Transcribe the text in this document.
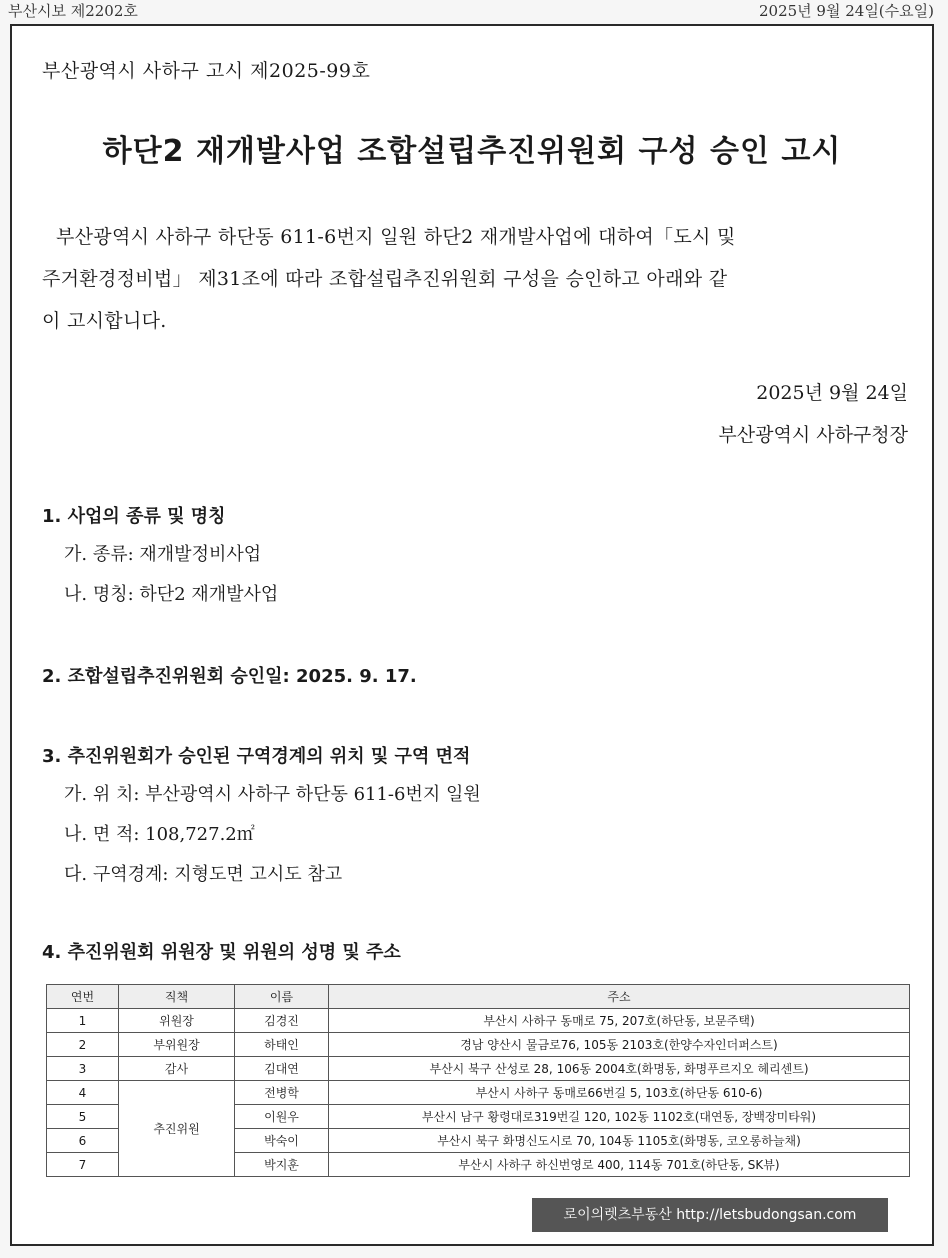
부산시보 제2202호	2025년 9월 24일(수요일)
부산광역시 사하구 고시 제2025-99호
하단2 재개발사업 조합설립추진위원회 구성 승인 고시
부산광역시 사하구 하단동 611-6번지 일원 하단2 재개발사업에 대하여「도시 및
주거환경정비법」 제31조에 따라 조합설립추진위원회 구성을 승인하고 아래와 같
이 고시합니다.
2025년 9월 24일
부산광역시 사하구청장
1. 사업의 종류 및 명칭
가. 종류: 재개발정비사업
나. 명칭: 하단2 재개발사업
2. 조합설립추진위원회 승인일: 2025. 9. 17.
3. 추진위원회가 승인된 구역경계의 위치 및 구역 면적
가. 위 치: 부산광역시 사하구 하단동 611-6번지 일원
나. 면 적: 108,727.2㎡
다. 구역경계: 지형도면 고시도 참고
4. 추진위원회 위원장 및 위원의 성명 및 주소
연번	직책	이름	주소
1	위원장	김경진	부산시 사하구 동매로 75, 207호(하단동, 보문주택)
2	부위원장	하태인	경남 양산시 물금로76, 105동 2103호(한양수자인더퍼스트)
3	감사	김대연	부산시 북구 산성로 28, 106동 2004호(화명동, 화명푸르지오 헤리센트)
4	추진위원	전병학	부산시 사하구 동매로66번길 5, 103호(하단동 610-6)
5		이원우	부산시 남구 황령대로319번길 120, 102동 1102호(대연동, 장백장미타워)
6		박숙이	부산시 북구 화명신도시로 70, 104동 1105호(화명동, 코오롱하늘채)
7		박지훈	부산시 사하구 하신번영로 400, 114동 701호(하단동, SK뷰)
로이의렛츠부동산 http://letsbudongsan.com
